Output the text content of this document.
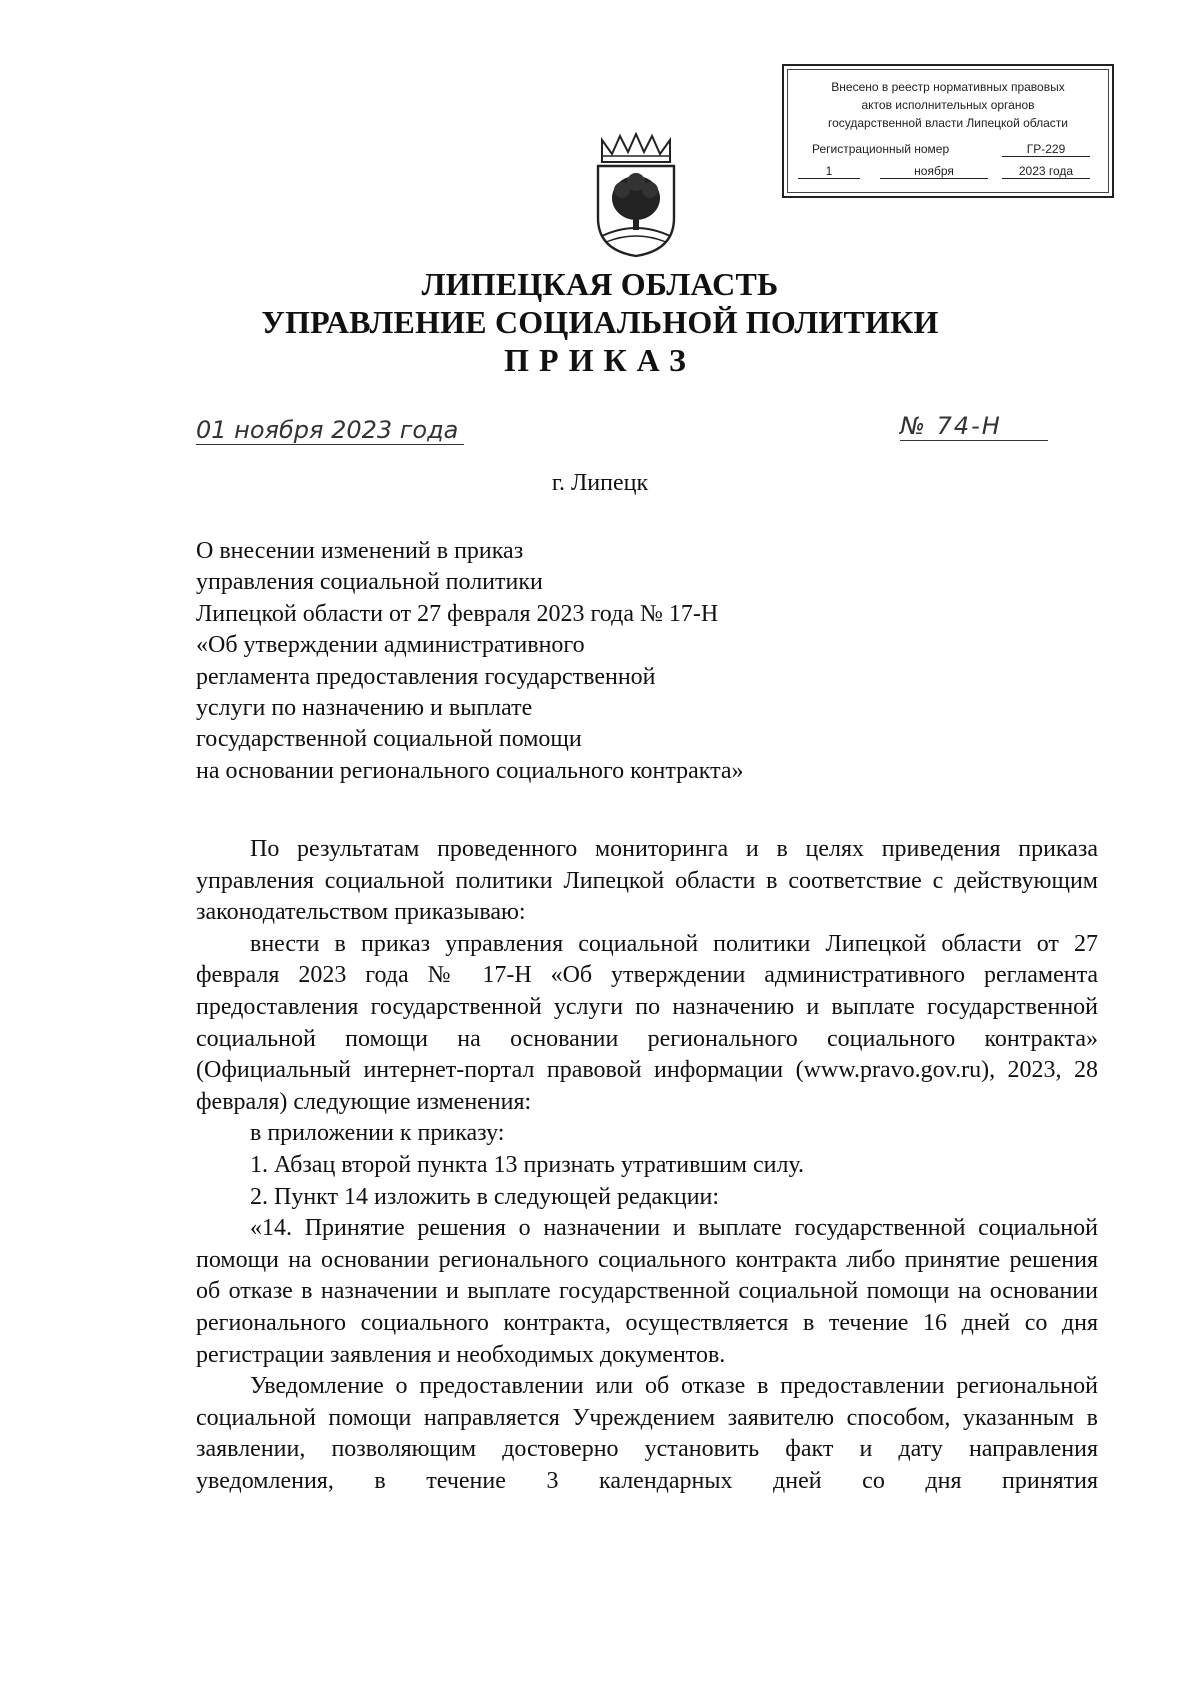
Внесено в реестр нормативных правовых
актов исполнительных органов
государственной власти Липецкой области
Регистрационный номер	ГР-229
1	ноября	2023 года
ЛИПЕЦКАЯ ОБЛАСТЬ
УПРАВЛЕНИЕ СОЦИАЛЬНОЙ ПОЛИТИКИ
ПРИКАЗ
01 ноября 2023 года	№ 74-Н
г. Липецк
О внесении изменений в приказ
управления социальной политики
Липецкой области от 27 февраля 2023 года № 17-Н
«Об утверждении административного
регламента предоставления государственной
услуги по назначению и выплате
государственной социальной помощи
на основании регионального социального контракта»

По результатам проведенного мониторинга и в целях приведения приказа управления социальной политики Липецкой области в соответствие с действующим законодательством приказываю:

внести в приказ управления социальной политики Липецкой области от 27 февраля 2023 года № 17-Н «Об утверждении административного регламента предоставления государственной услуги по назначению и выплате государственной социальной помощи на основании регионального социального контракта» (Официальный интернет-портал правовой информации (www.pravo.gov.ru), 2023, 28 февраля) следующие изменения:

в приложении к приказу:

1. Абзац второй пункта 13 признать утратившим силу.

2. Пункт 14 изложить в следующей редакции:

«14. Принятие решения о назначении и выплате государственной социальной помощи на основании регионального социального контракта либо принятие решения об отказе в назначении и выплате государственной социальной помощи на основании регионального социального контракта, осуществляется в течение 16 дней со дня регистрации заявления и необходимых документов.

Уведомление о предоставлении или об отказе в предоставлении региональной социальной помощи направляется Учреждением заявителю способом, указанным в заявлении, позволяющим достоверно установить факт и дату направления уведомления, в течение 3 календарных дней со дня принятия
